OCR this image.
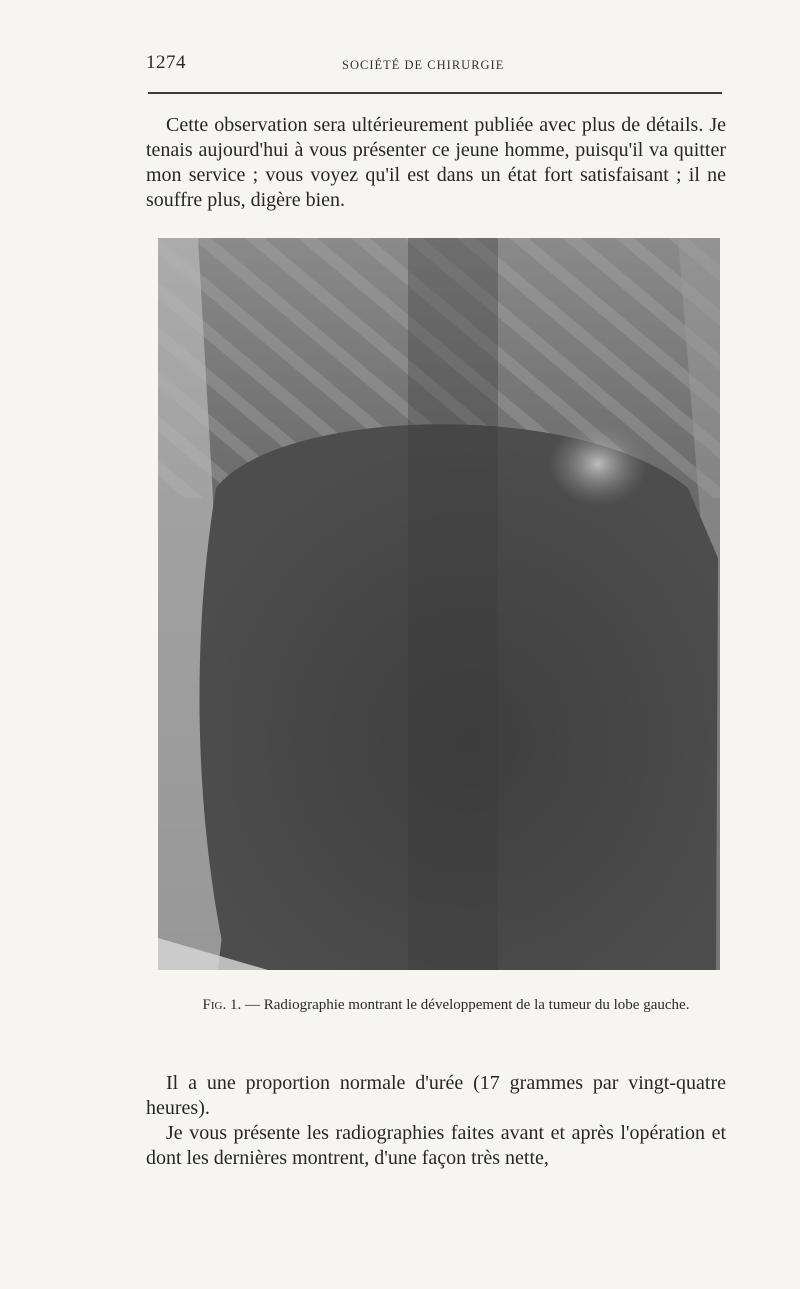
1274	SOCIÉTÉ DE CHIRURGIE

Cette observation sera ultérieurement publiée avec plus de détails. Je tenais aujourd'hui à vous présenter ce jeune homme, puisqu'il va quitter mon service ; vous voyez qu'il est dans un état fort satisfaisant ; il ne souffre plus, digère bien.

Fig. 1. — Radiographie montrant le développement de la tumeur du lobe gauche.

Il a une proportion normale d'urée (17 grammes par vingt-quatre heures).

Je vous présente les radiographies faites avant et après l'opération et dont les dernières montrent, d'une façon très nette,
